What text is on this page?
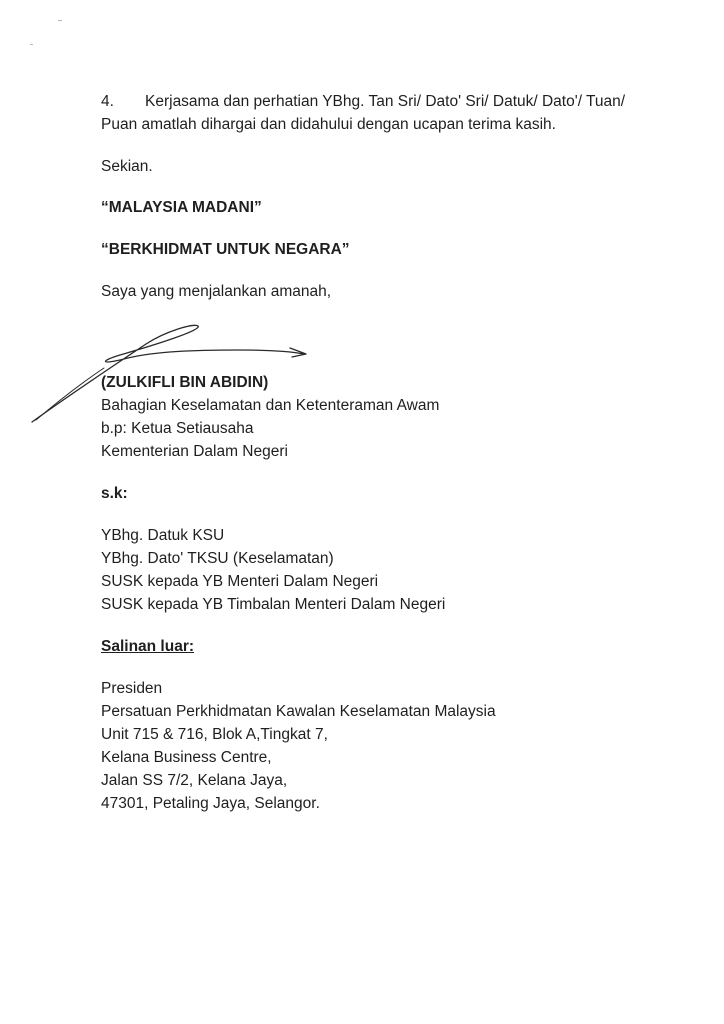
4. Kerjasama dan perhatian YBhg. Tan Sri/ Dato' Sri/ Datuk/ Dato'/ Tuan/
Puan amatlah dihargai dan didahului dengan ucapan terima kasih.
Sekian.
“MALAYSIA MADANI”
“BERKHIDMAT UNTUK NEGARA”
Saya yang menjalankan amanah,
(ZULKIFLI BIN ABIDIN)
Bahagian Keselamatan dan Ketenteraman Awam
b.p: Ketua Setiausaha
Kementerian Dalam Negeri
s.k:
YBhg. Datuk KSU
YBhg. Dato' TKSU (Keselamatan)
SUSK kepada YB Menteri Dalam Negeri
SUSK kepada YB Timbalan Menteri Dalam Negeri
Salinan luar:
Presiden
Persatuan Perkhidmatan Kawalan Keselamatan Malaysia
Unit 715 & 716, Blok A,Tingkat 7,
Kelana Business Centre,
Jalan SS 7/2, Kelana Jaya,
47301, Petaling Jaya, Selangor.
